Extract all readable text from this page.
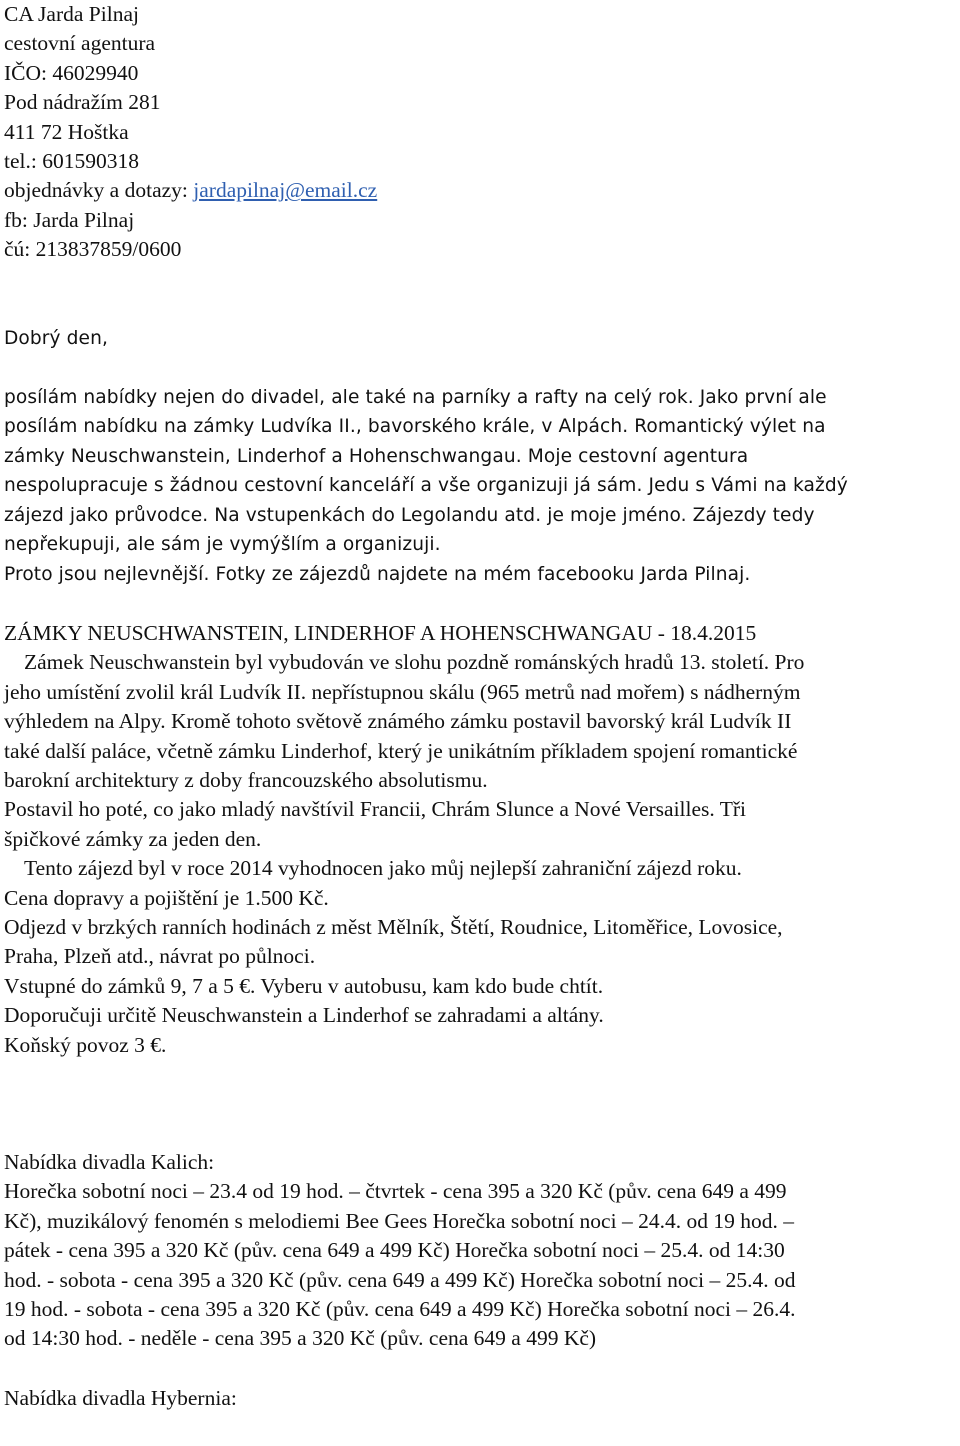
CA Jarda Pilnaj
cestovní agentura
IČO: 46029940
Pod nádražím 281
411 72 Hoštka
tel.: 601590318
objednávky a dotazy: jardapilnaj@email.cz
fb: Jarda Pilnaj
čú: 213837859/0600
Dobrý den,
posílám nabídky nejen do divadel, ale také na parníky a rafty na celý rok. Jako první ale
posílám nabídku na zámky Ludvíka II., bavorského krále, v Alpách. Romantický výlet na
zámky Neuschwanstein, Linderhof a Hohenschwangau. Moje cestovní agentura
nespolupracuje s žádnou cestovní kanceláří a vše organizuji já sám. Jedu s Vámi na každý
zájezd jako průvodce. Na vstupenkách do Legolandu atd. je moje jméno. Zájezdy tedy
nepřekupuji, ale sám je vymýšlím a organizuji.
Proto jsou nejlevnější. Fotky ze zájezdů najdete na mém facebooku Jarda Pilnaj.
ZÁMKY NEUSCHWANSTEIN, LINDERHOF A HOHENSCHWANGAU - 18.4.2015
Zámek Neuschwanstein byl vybudován ve slohu pozdně románských hradů 13. století. Pro
jeho umístění zvolil král Ludvík II. nepřístupnou skálu (965 metrů nad mořem) s nádherným
výhledem na Alpy. Kromě tohoto světově známého zámku postavil bavorský král Ludvík II
také další paláce, včetně zámku Linderhof, který je unikátním příkladem spojení romantické
barokní architektury z doby francouzského absolutismu.
Postavil ho poté, co jako mladý navštívil Francii, Chrám Slunce a Nové Versailles. Tři
špičkové zámky za jeden den.
Tento zájezd byl v roce 2014 vyhodnocen jako můj nejlepší zahraniční zájezd roku.
Cena dopravy a pojištění je 1.500 Kč.
Odjezd v brzkých ranních hodinách z měst Mělník, Štětí, Roudnice, Litoměřice, Lovosice,
Praha, Plzeň atd., návrat po půlnoci.
Vstupné do zámků 9, 7 a 5 €. Vyberu v autobusu, kam kdo bude chtít.
Doporučuji určitě Neuschwanstein a Linderhof se zahradami a altány.
Koňský povoz 3 €.
Nabídka divadla Kalich:
Horečka sobotní noci – 23.4 od 19 hod. – čtvrtek - cena 395 a 320 Kč (pův. cena 649 a 499
Kč), muzikálový fenomén s melodiemi Bee Gees Horečka sobotní noci – 24.4. od 19 hod. –
pátek - cena 395 a 320 Kč (pův. cena 649 a 499 Kč) Horečka sobotní noci – 25.4. od 14:30
hod. - sobota - cena 395 a 320 Kč (pův. cena 649 a 499 Kč) Horečka sobotní noci – 25.4. od
19 hod. - sobota - cena 395 a 320 Kč (pův. cena 649 a 499 Kč) Horečka sobotní noci – 26.4.
od 14:30 hod. - neděle - cena 395 a 320 Kč (pův. cena 649 a 499 Kč)
Nabídka divadla Hybernia:
